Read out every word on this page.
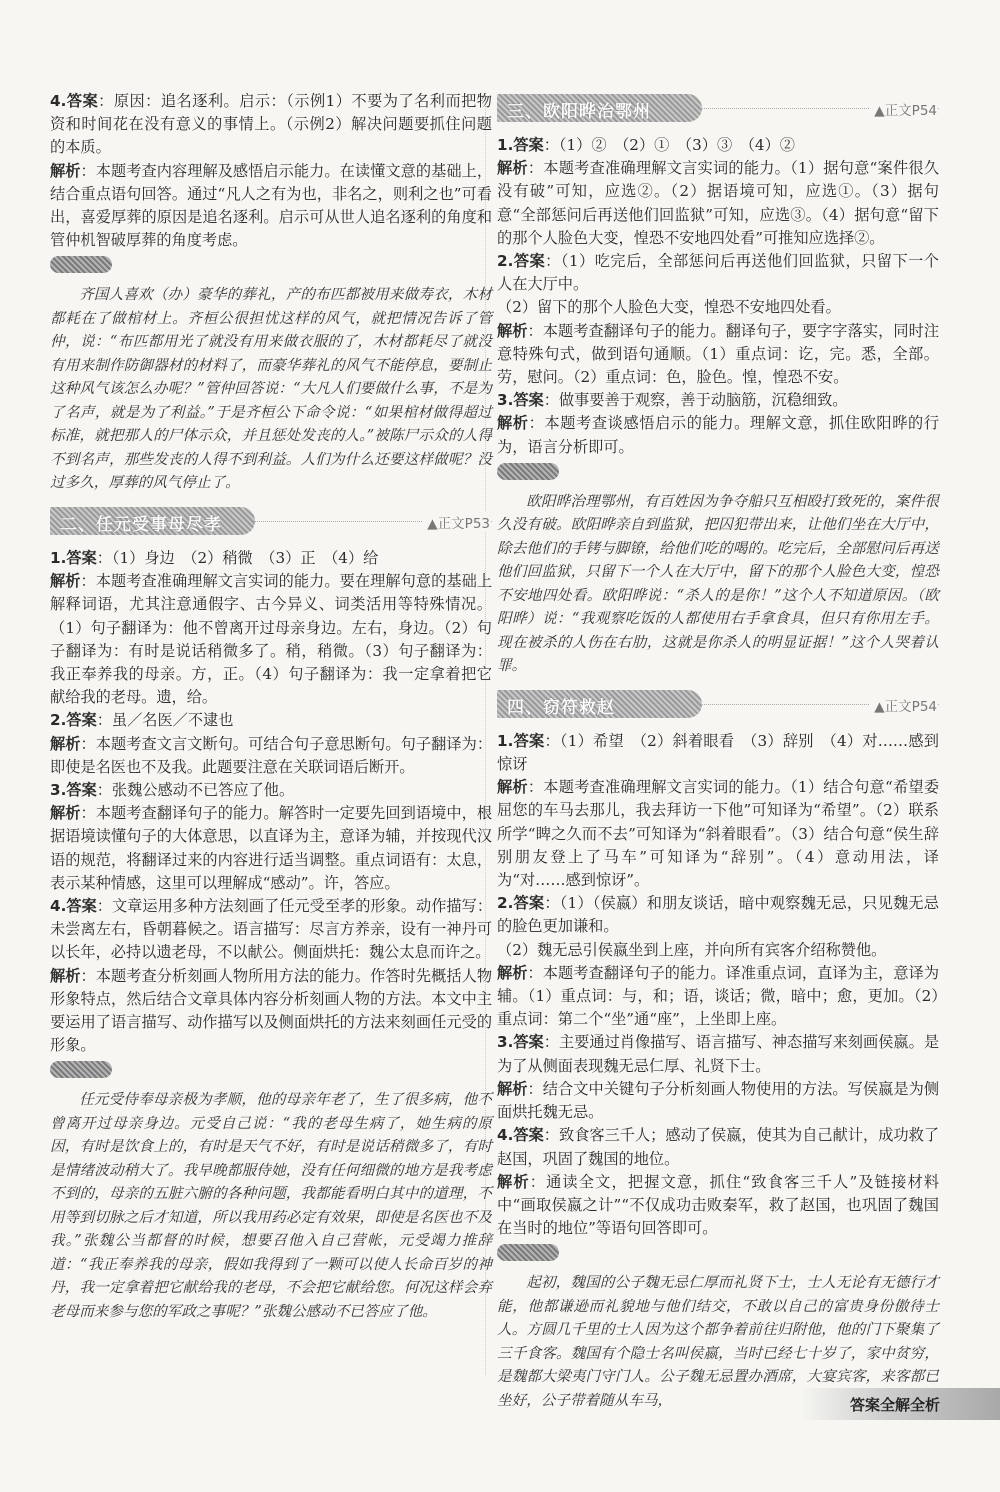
4.答案：原因：追名逐利。启示：（示例1）不要为了名利而把物资和时间花在没有意义的事情上。（示例2）解决问题要抓住问题的本质。

解析：本题考查内容理解及感悟启示能力。在读懂文意的基础上，结合重点语句回答。通过“凡人之有为也，非名之，则利之也”可看出，喜爱厚葬的原因是追名逐利。启示可从世人追名逐利的角度和管仲机智破厚葬的角度考虑。

齐国人喜欢（办）豪华的葬礼，产的布匹都被用来做寿衣，木材都耗在了做棺材上。齐桓公很担忧这样的风气，就把情况告诉了管仲，说：“布匹都用光了就没有用来做衣服的了，木材都耗尽了就没有用来制作防御器材的材料了，而豪华葬礼的风气不能停息，要制止这种风气该怎么办呢？”管仲回答说：“大凡人们要做什么事，不是为了名声，就是为了利益。”于是齐桓公下命令说：“如果棺材做得超过标准，就把那人的尸体示众，并且惩处发丧的人。”被陈尸示众的人得不到名声，那些发丧的人得不到利益。人们为什么还要这样做呢？没过多久，厚葬的风气停止了。

二、任元受事母尽孝	▲正文P53

1.答案：（1）身边　（2）稍微　（3）正　（4）给

解析：本题考查准确理解文言实词的能力。要在理解句意的基础上解释词语，尤其注意通假字、古今异义、词类活用等特殊情况。（1）句子翻译为：他不曾离开过母亲身边。左右，身边。（2）句子翻译为：有时是说话稍微多了。稍，稍微。（3）句子翻译为：我正奉养我的母亲。方，正。（4）句子翻译为：我一定拿着把它献给我的老母。遗，给。

2.答案：虽／名医／不逮也

解析：本题考查文言文断句。可结合句子意思断句。句子翻译为：即使是名医也不及我。此题要注意在关联词语后断开。

3.答案：张魏公感动不已答应了他。

解析：本题考查翻译句子的能力。解答时一定要先回到语境中，根据语境读懂句子的大体意思，以直译为主，意译为辅，并按现代汉语的规范，将翻译过来的内容进行适当调整。重点词语有：太息，表示某种情感，这里可以理解成“感动”。许，答应。

4.答案：文章运用多种方法刻画了任元受至孝的形象。动作描写：未尝离左右，昏朝暮候之。语言描写：尽言方养亲，设有一神丹可以长年，必持以遗老母，不以献公。侧面烘托：魏公太息而许之。

解析：本题考查分析刻画人物所用方法的能力。作答时先概括人物形象特点，然后结合文章具体内容分析刻画人物的方法。本文中主要运用了语言描写、动作描写以及侧面烘托的方法来刻画任元受的形象。

任元受侍奉母亲极为孝顺，他的母亲年老了，生了很多病，他不曾离开过母亲身边。元受自己说：“我的老母生病了，她生病的原因，有时是饮食上的，有时是天气不好，有时是说话稍微多了，有时是情绪波动稍大了。我早晚都服侍她，没有任何细微的地方是我考虑不到的，母亲的五脏六腑的各种问题，我都能看明白其中的道理，不用等到切脉之后才知道，所以我用药必定有效果，即使是名医也不及我。”张魏公当都督的时候，想要召他入自己营帐，元受竭力推辞道：“我正奉养我的母亲，假如我得到了一颗可以使人长命百岁的神丹，我一定拿着把它献给我的老母，不会把它献给您。何况这样会弃老母而来参与您的军政之事呢？”张魏公感动不已答应了他。

三、欧阳晔治鄂州	▲正文P54

1.答案：（1）②　（2）①　（3）③　（4）②

解析：本题考查准确理解文言实词的能力。（1）据句意“案件很久没有破”可知，应选②。（2）据语境可知，应选①。（3）据句意“全部惩问后再送他们回监狱”可知，应选③。（4）据句意“留下的那个人脸色大变，惶恐不安地四处看”可推知应选择②。

2.答案：（1）吃完后，全部惩问后再送他们回监狱，只留下一个人在大厅中。

（2）留下的那个人脸色大变，惶恐不安地四处看。

解析：本题考查翻译句子的能力。翻译句子，要字字落实，同时注意特殊句式，做到语句通顺。（1）重点词：讫，完。悉，全部。劳，慰问。（2）重点词：色，脸色。惶，惶恐不安。

3.答案：做事要善于观察，善于动脑筋，沉稳细致。

解析：本题考查谈感悟启示的能力。理解文意，抓住欧阳晔的行为，语言分析即可。

欧阳晔治理鄂州，有百姓因为争夺船只互相殴打致死的，案件很久没有破。欧阳晔亲自到监狱，把囚犯带出来，让他们坐在大厅中，除去他们的手铐与脚镣，给他们吃的喝的。吃完后，全部慰问后再送他们回监狱，只留下一个人在大厅中，留下的那个人脸色大变，惶恐不安地四处看。欧阳晔说：“杀人的是你！”这个人不知道原因。（欧阳晔）说：“我观察吃饭的人都使用右手拿食具，但只有你用左手。现在被杀的人伤在右肋，这就是你杀人的明显证据！”这个人哭着认罪。

四、窃符救赵	▲正文P54

1.答案：（1）希望　（2）斜着眼看　（3）辞别　（4）对……感到惊讶

解析：本题考查准确理解文言实词的能力。（1）结合句意“希望委屈您的车马去那儿，我去拜访一下他”可知译为“希望”。（2）联系所学“睥之久而不去”可知译为“斜着眼看”。（3）结合句意“侯生辞别朋友登上了马车”可知译为“辞别”。（4）意动用法，译为“对……感到惊讶”。

2.答案：（1）（侯嬴）和朋友谈话，暗中观察魏无忌，只见魏无忌的脸色更加谦和。

（2）魏无忌引侯嬴坐到上座，并向所有宾客介绍称赞他。

解析：本题考查翻译句子的能力。译准重点词，直译为主，意译为辅。（1）重点词：与，和；语，谈话；微，暗中；愈，更加。（2）重点词：第二个“坐”通“座”，上坐即上座。

3.答案：主要通过肖像描写、语言描写、神态描写来刻画侯嬴。是为了从侧面表现魏无忌仁厚、礼贤下士。

解析：结合文中关键句子分析刻画人物使用的方法。写侯嬴是为侧面烘托魏无忌。

4.答案：致食客三千人；感动了侯嬴，使其为自己献计，成功救了赵国，巩固了魏国的地位。

解析：通读全文，把握文意，抓住“致食客三千人”及链接材料中“画取侯嬴之计”“不仅成功击败秦军，救了赵国，也巩固了魏国在当时的地位”等语句回答即可。

起初，魏国的公子魏无忌仁厚而礼贤下士，士人无论有无德行才能，他都谦逊而礼貌地与他们结交，不敢以自己的富贵身份傲待士人。方圆几千里的士人因为这个都争着前往归附他，他的门下聚集了三千食客。魏国有个隐士名叫侯嬴，当时已经七十岁了，家中贫穷，是魏都大梁夷门守门人。公子魏无忌置办酒席，大宴宾客，来客都已坐好，公子带着随从车马，	答案全解全析
